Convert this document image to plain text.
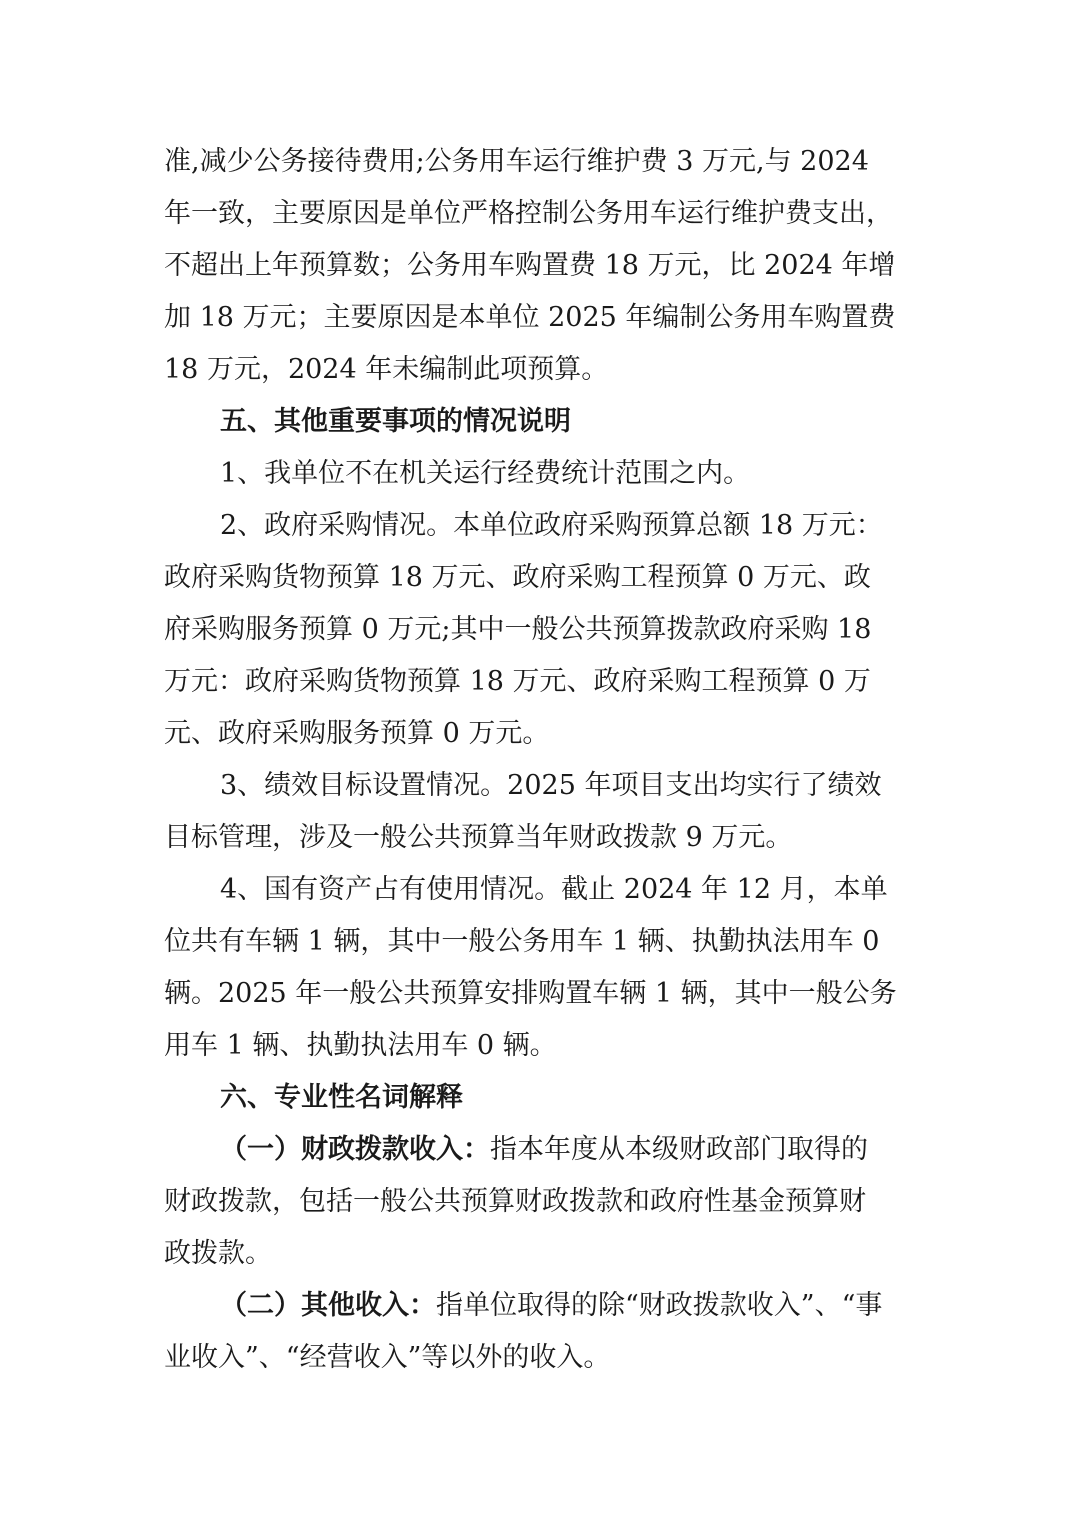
准,减少公务接待费用;公务用车运行维护费 3 万元,与 2024
年一致，主要原因是单位严格控制公务用车运行维护费支出，
不超出上年预算数；公务用车购置费 18 万元，比 2024 年增
加 18 万元；主要原因是本单位 2025 年编制公务用车购置费
18 万元，2024 年未编制此项预算。
五、其他重要事项的情况说明
1、我单位不在机关运行经费统计范围之内。
2、政府采购情况。本单位政府采购预算总额 18 万元：
政府采购货物预算 18 万元、政府采购工程预算 0 万元、政
府采购服务预算 0 万元;其中一般公共预算拨款政府采购 18
万元：政府采购货物预算 18 万元、政府采购工程预算 0 万
元、政府采购服务预算 0 万元。
3、绩效目标设置情况。2025 年项目支出均实行了绩效
目标管理，涉及一般公共预算当年财政拨款 9 万元。
4、国有资产占有使用情况。截止 2024 年 12 月，本单
位共有车辆 1 辆，其中一般公务用车 1 辆、执勤执法用车 0
辆。2025 年一般公共预算安排购置车辆 1 辆，其中一般公务
用车 1 辆、执勤执法用车 0 辆。
六、专业性名词解释
（一）财政拨款收入： 指本年度从本级财政部门取得的
财政拨款，包括一般公共预算财政拨款和政府性基金预算财
政拨款。
（二）其他收入： 指单位取得的除“财政拨款收入”、“事
业收入”、“经营收入”等以外的收入。
